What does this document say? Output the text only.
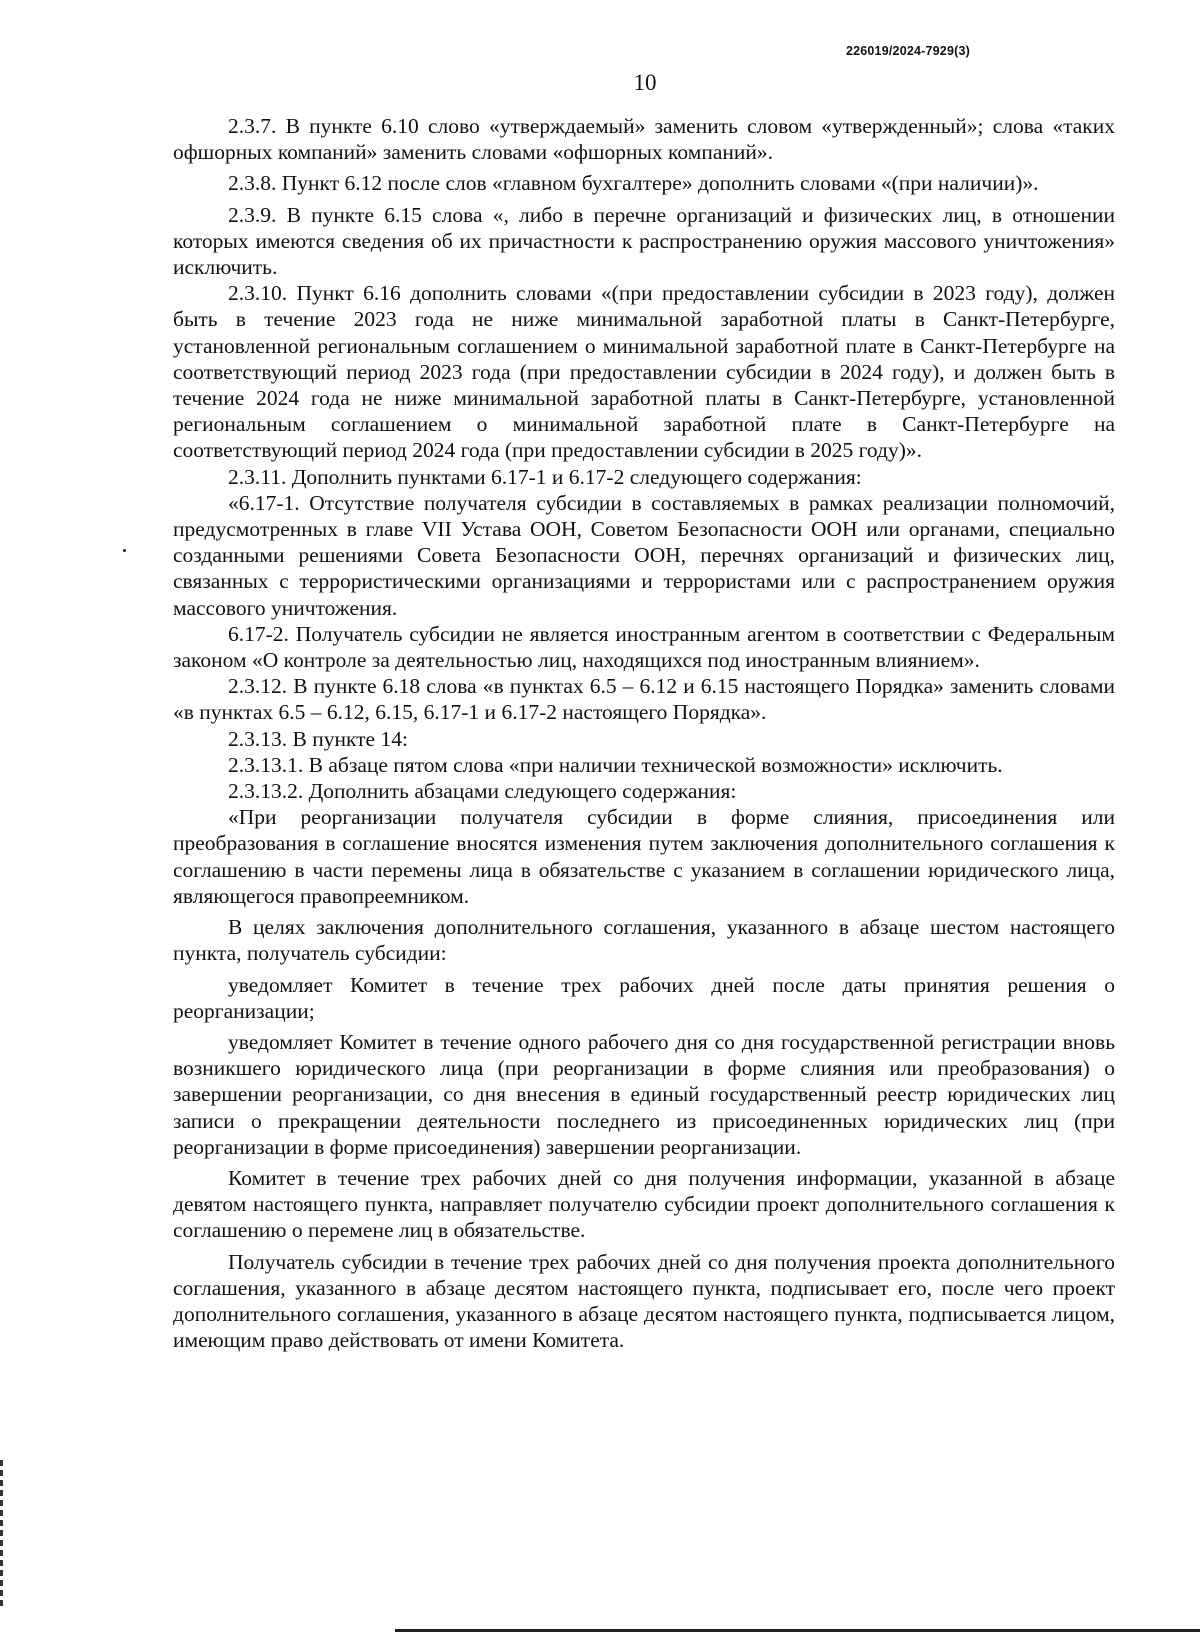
226019/2024-7929(3)
10

2.3.7. В пункте 6.10 слово «утверждаемый» заменить словом «утвержденный»; слова «таких офшорных компаний» заменить словами «офшорных компаний».

2.3.8. Пункт 6.12 после слов «главном бухгалтере» дополнить словами «(при наличии)».

2.3.9. В пункте 6.15 слова «, либо в перечне организаций и физических лиц, в отношении которых имеются сведения об их причастности к распространению оружия массового уничтожения» исключить.

2.3.10. Пункт 6.16 дополнить словами «(при предоставлении субсидии в 2023 году), должен быть в течение 2023 года не ниже минимальной заработной платы в Санкт-Петербурге, установленной региональным соглашением о минимальной заработной плате в Санкт-Петербурге на соответствующий период 2023 года (при предоставлении субсидии в 2024 году), и должен быть в течение 2024 года не ниже минимальной заработной платы в Санкт-Петербурге, установленной региональным соглашением о минимальной заработной плате в Санкт-Петербурге на соответствующий период 2024 года (при предоставлении субсидии в 2025 году)».

2.3.11. Дополнить пунктами 6.17-1 и 6.17-2 следующего содержания:

«6.17-1. Отсутствие получателя субсидии в составляемых в рамках реализации полномочий, предусмотренных в главе VII Устава ООН, Советом Безопасности ООН или органами, специально созданными решениями Совета Безопасности ООН, перечнях организаций и физических лиц, связанных с террористическими организациями и террористами или с распространением оружия массового уничтожения.

6.17-2. Получатель субсидии не является иностранным агентом в соответствии с Федеральным законом «О контроле за деятельностью лиц, находящихся под иностранным влиянием».

2.3.12. В пункте 6.18 слова «в пунктах 6.5 – 6.12 и 6.15 настоящего Порядка» заменить словами «в пунктах 6.5 – 6.12, 6.15, 6.17-1 и 6.17-2 настоящего Порядка».

2.3.13. В пункте 14:

2.3.13.1. В абзаце пятом слова «при наличии технической возможности» исключить.

2.3.13.2. Дополнить абзацами следующего содержания:

«При реорганизации получателя субсидии в форме слияния, присоединения или преобразования в соглашение вносятся изменения путем заключения дополнительного соглашения к соглашению в части перемены лица в обязательстве с указанием в соглашении юридического лица, являющегося правопреемником.

В целях заключения дополнительного соглашения, указанного в абзаце шестом настоящего пункта, получатель субсидии:

уведомляет Комитет в течение трех рабочих дней после даты принятия решения о реорганизации;

уведомляет Комитет в течение одного рабочего дня со дня государственной регистрации вновь возникшего юридического лица (при реорганизации в форме слияния или преобразования) о завершении реорганизации, со дня внесения в единый государственный реестр юридических лиц записи о прекращении деятельности последнего из присоединенных юридических лиц (при реорганизации в форме присоединения) завершении реорганизации.

Комитет в течение трех рабочих дней со дня получения информации, указанной в абзаце девятом настоящего пункта, направляет получателю субсидии проект дополнительного соглашения к соглашению о перемене лиц в обязательстве.

Получатель субсидии в течение трех рабочих дней со дня получения проекта дополнительного соглашения, указанного в абзаце десятом настоящего пункта, подписывает его, после чего проект дополнительного соглашения, указанного в абзаце десятом настоящего пункта, подписывается лицом, имеющим право действовать от имени Комитета.
